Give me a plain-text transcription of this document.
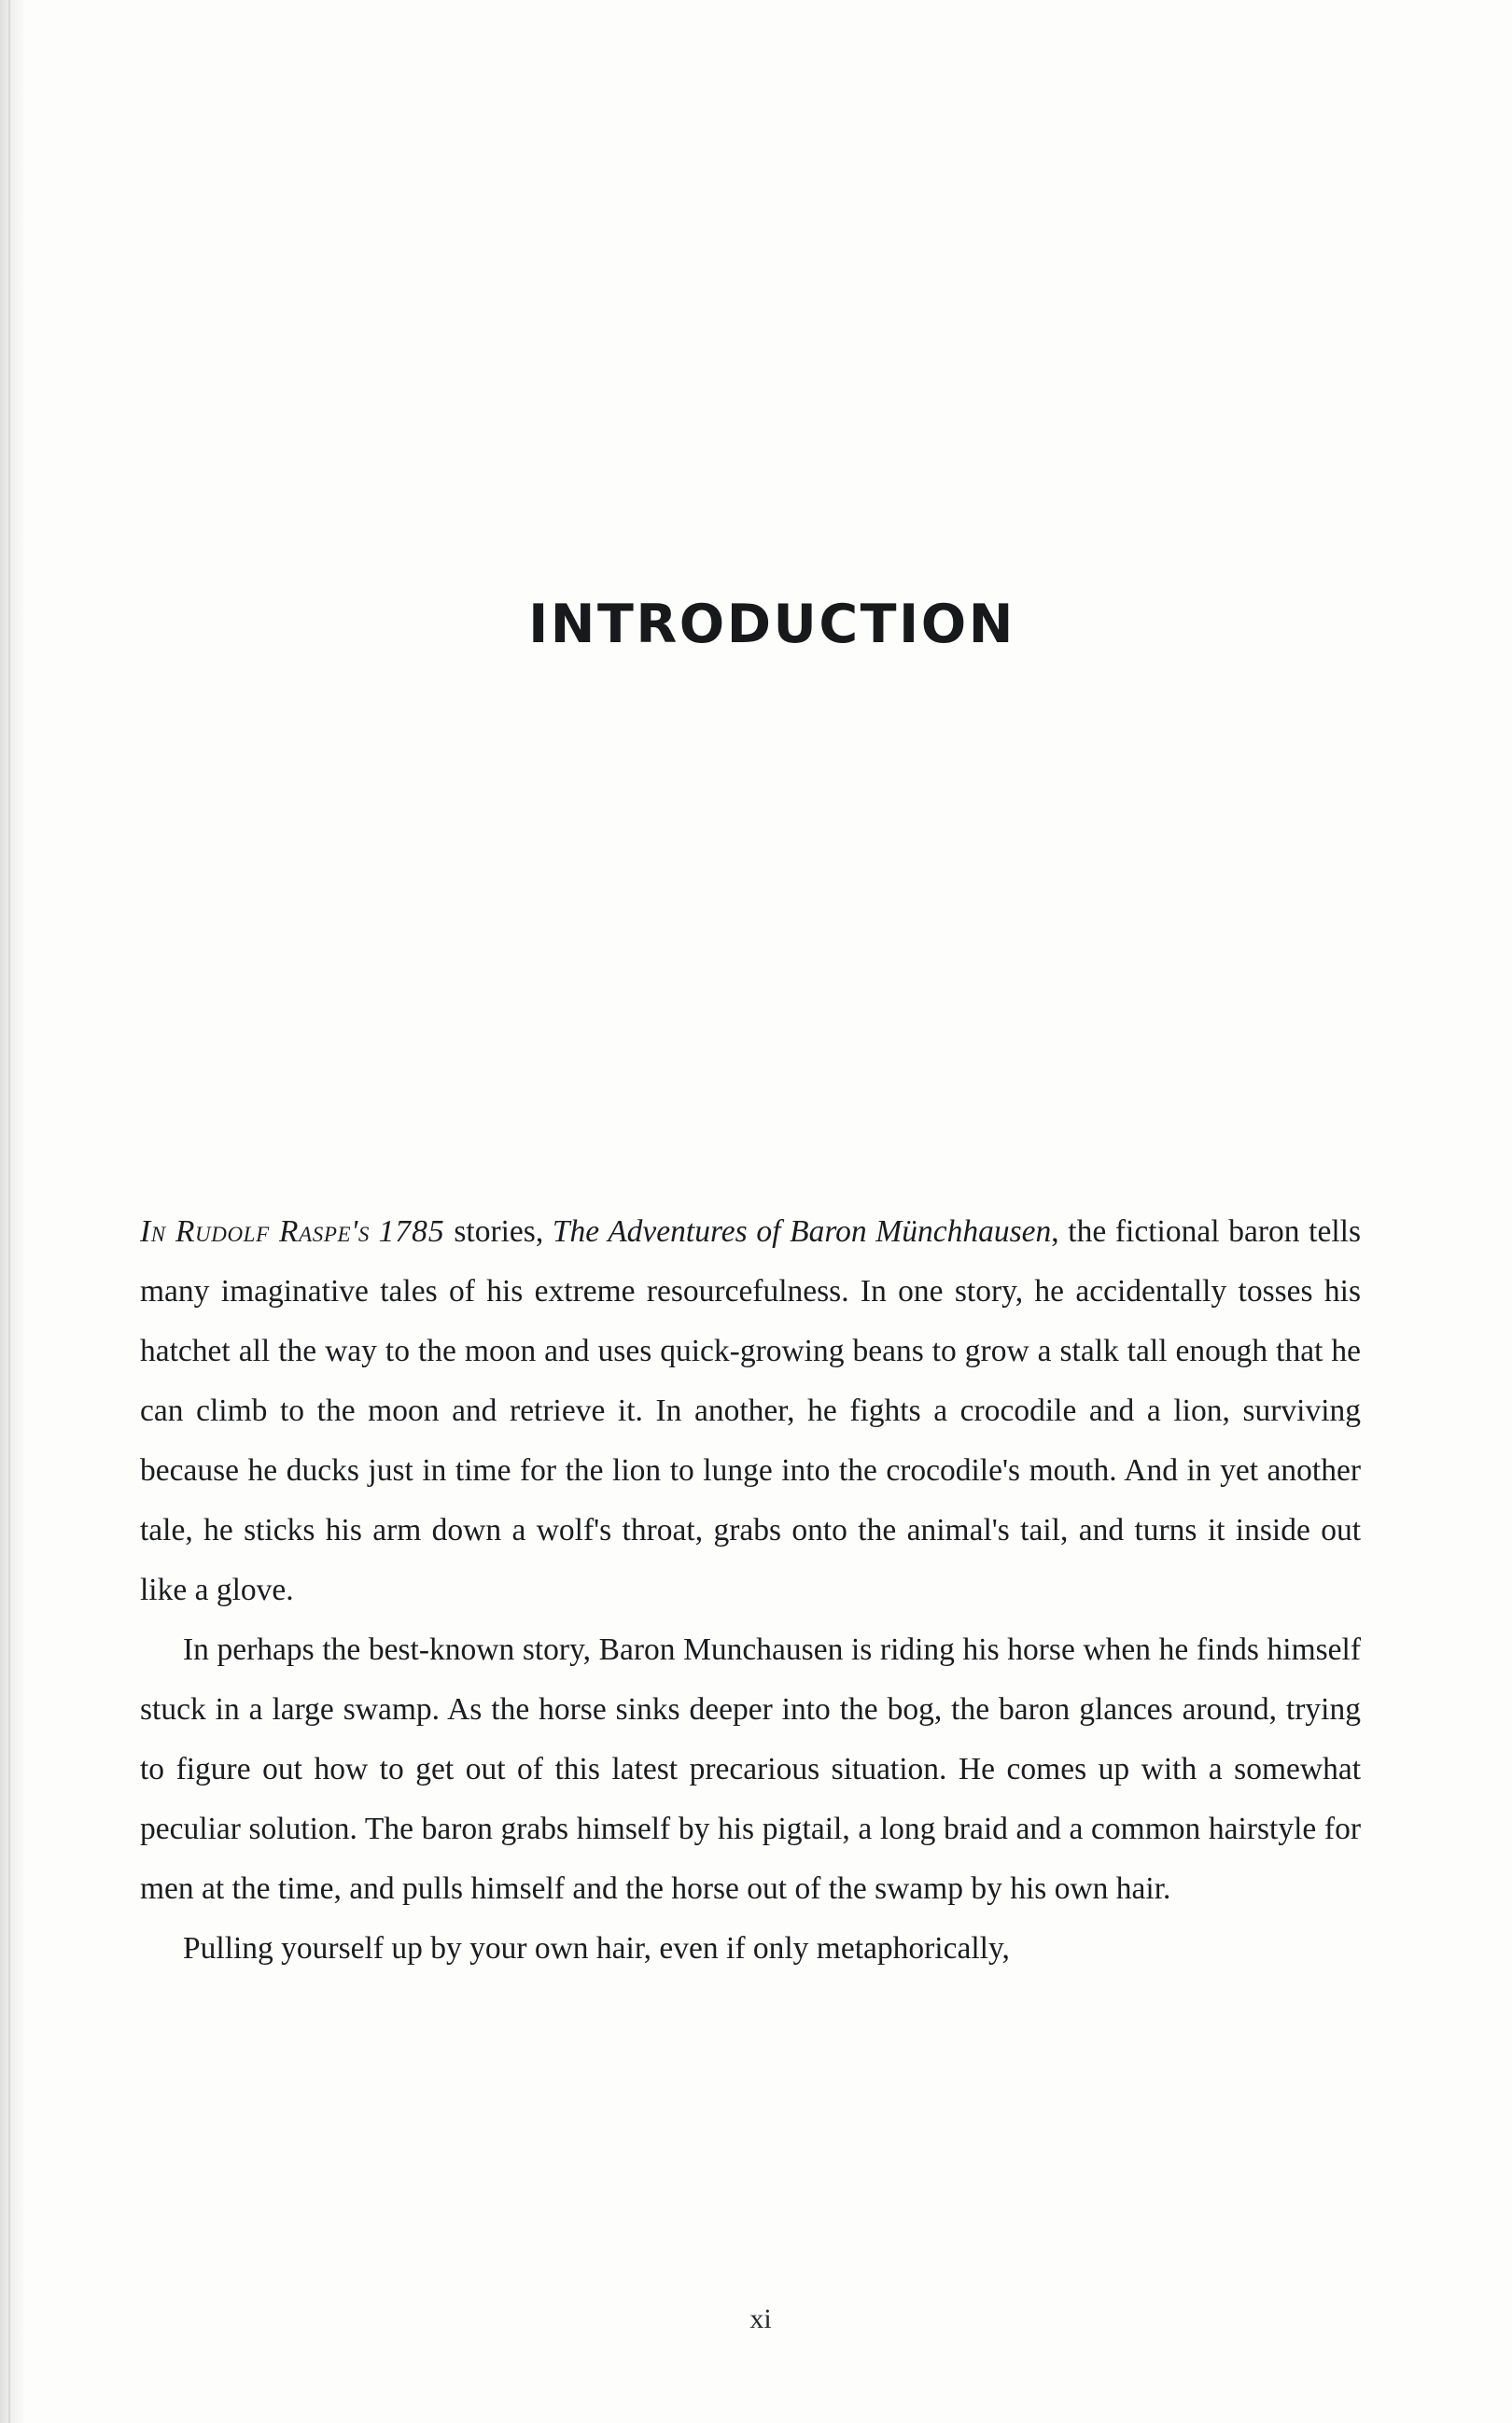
INTRODUCTION

In Rudolf Raspe's 1785 stories, The Adventures of Baron Münchhausen, the fictional baron tells many imaginative tales of his extreme resourcefulness. In one story, he accidentally tosses his hatchet all the way to the moon and uses quick-growing beans to grow a stalk tall enough that he can climb to the moon and retrieve it. In another, he fights a crocodile and a lion, surviving because he ducks just in time for the lion to lunge into the crocodile's mouth. And in yet another tale, he sticks his arm down a wolf's throat, grabs onto the animal's tail, and turns it inside out like a glove.

In perhaps the best-known story, Baron Munchausen is riding his horse when he finds himself stuck in a large swamp. As the horse sinks deeper into the bog, the baron glances around, trying to figure out how to get out of this latest precarious situation. He comes up with a somewhat peculiar solution. The baron grabs himself by his pigtail, a long braid and a common hairstyle for men at the time, and pulls himself and the horse out of the swamp by his own hair.

Pulling yourself up by your own hair, even if only metaphorically,

xi
